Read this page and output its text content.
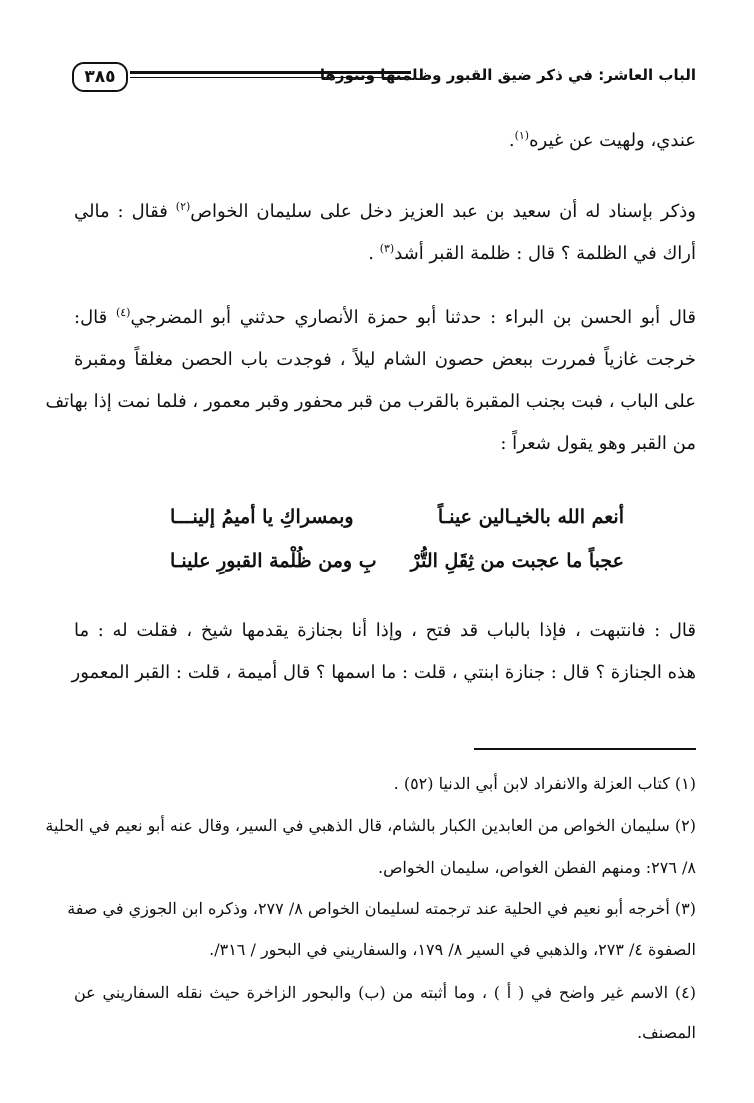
الباب العاشر: في ذكر ضيق القبور وظلمتها وتنورها
٣٨٥
عندي، ولهيت عن غيره$^{(١)}$.
وذكر بإسناد له أن سعيد بن عبد العزيز دخل على سليمان الخواص$^{(٢)}$ فقال : مالي
أراك في الظلمة ؟ قال : ظلمة القبر أشد$^{(٣)}$ .
قال أبو الحسن بن البراء : حدثنا أبو حمزة الأنصاري حدثني أبو المضرجي$^{(٤)}$ قال:
خرجت غازياً فمررت ببعض حصون الشام ليلاً ، فوجدت باب الحصن مغلقاً ومقبرة
على الباب ، فبت بجنب المقبرة بالقرب من قبر محفور وقبر معمور ، فلما نمت إذا بهاتف
من القبر وهو يقول شعراً :
أنعم الله بالخيـالين عينـاً
وبمسراكِ يا أميمُ إلينـــا
عجباً ما عجبت من ثِقَلِ التُّرْ
بِ ومن ظُلْمة القبورِ علينـا
قال : فانتبهت ، فإذا بالباب قد فتح ، وإذا أنا بجنازة يقدمها شيخ ، فقلت له : ما
هذه الجنازة ؟ قال : جنازة ابنتي ، قلت : ما اسمها ؟ قال أميمة ، قلت : القبر المعمور
(١) كتاب العزلة والانفراد لابن أبي الدنيا (٥٢) .
(٢) سليمان الخواص من العابدين الكبار بالشام، قال الذهبي في السير، وقال عنه أبو نعيم في الحلية
٨/ ٢٧٦: ومنهم الفطن الغواص، سليمان الخواص.
(٣) أخرجه أبو نعيم في الحلية عند ترجمته لسليمان الخواص ٨/ ٢٧٧، وذكره ابن الجوزي في صفة
الصفوة ٤/ ٢٧٣، والذهبي في السير ٨/ ١٧٩، والسفاريني في البحور / ٣١٦/.
(٤) الاسم غير واضح في ( أ ) ، وما أثبته من (ب) والبحور الزاخرة حيث نقله السفاريني عن
المصنف.
